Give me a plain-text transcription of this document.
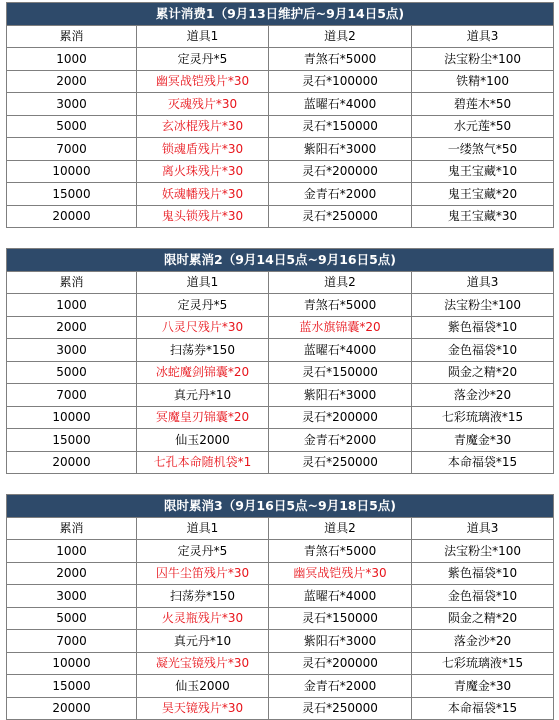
累计消费1（9月13日维护后~9月14日5点)			
累消	道具1	道具2	道具3
1000	定灵丹*5	青煞石*5000	法宝粉尘*100
2000	幽冥战铠残片*30	灵石*100000	铁精*100
3000	灭魂残片*30	蓝曜石*4000	碧莲木*50
5000	玄冰棍残片*30	灵石*150000	水元莲*50
7000	锁魂盾残片*30	紫阳石*3000	一缕煞气*50
10000	离火珠残片*30	灵石*200000	鬼王宝藏*10
15000	妖魂幡残片*30	金青石*2000	鬼王宝藏*20
20000	鬼头锁残片*30	灵石*250000	鬼王宝藏*30
限时累消2（9月14日5点~9月16日5点)			
累消	道具1	道具2	道具3
1000	定灵丹*5	青煞石*5000	法宝粉尘*100
2000	八灵尺残片*30	蓝水旗锦囊*20	紫色福袋*10
3000	扫荡券*150	蓝曜石*4000	金色福袋*10
5000	冰蛇魔剑锦囊*20	灵石*150000	陨金之精*20
7000	真元丹*10	紫阳石*3000	落金沙*20
10000	冥魔皇刃锦囊*20	灵石*200000	七彩琉璃液*15
15000	仙玉2000	金青石*2000	青魔金*30
20000	七孔本命随机袋*1	灵石*250000	本命福袋*15
限时累消3（9月16日5点~9月18日5点)			
累消	道具1	道具2	道具3
1000	定灵丹*5	青煞石*5000	法宝粉尘*100
2000	囚牛尘笛残片*30	幽冥战铠残片*30	紫色福袋*10
3000	扫荡券*150	蓝曜石*4000	金色福袋*10
5000	火灵瓶残片*30	灵石*150000	陨金之精*20
7000	真元丹*10	紫阳石*3000	落金沙*20
10000	凝光宝镜残片*30	灵石*200000	七彩琉璃液*15
15000	仙玉2000	金青石*2000	青魔金*30
20000	昊天镜残片*30	灵石*250000	本命福袋*15
